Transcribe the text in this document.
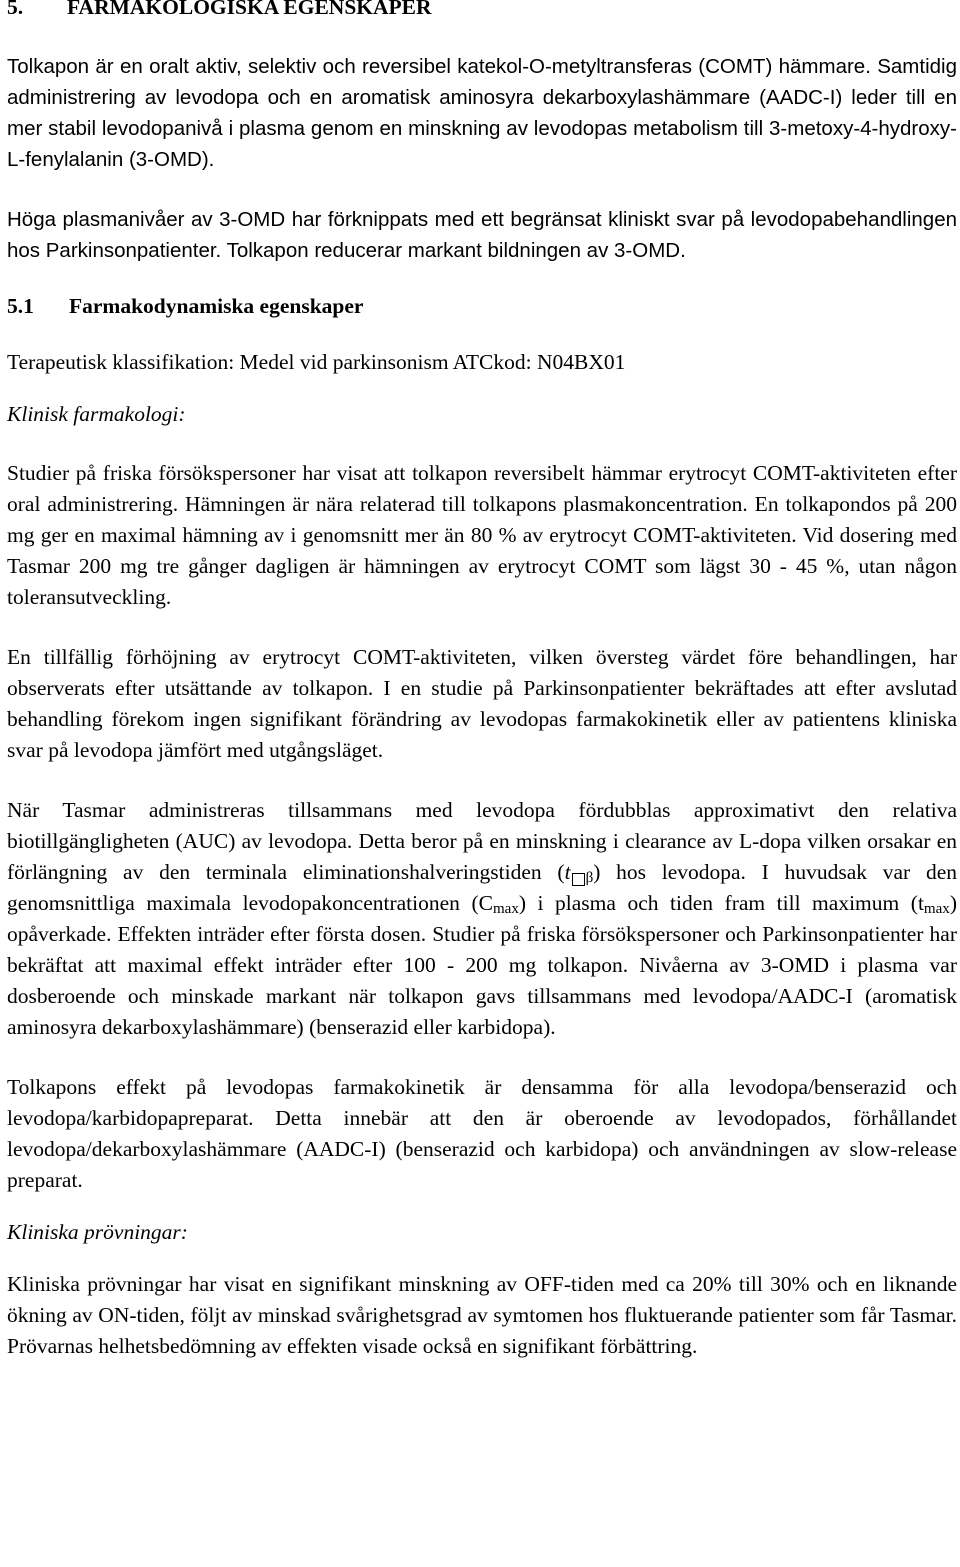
5. FARMAKOLOGISKA EGENSKAPER

Tolkapon är en oralt aktiv, selektiv och reversibel katekol-O-metyltransferas (COMT) hämmare. Samtidig administrering av levodopa och en aromatisk aminosyra dekarboxylashämmare (AADC-I) leder till en mer stabil levodopanivå i plasma genom en minskning av levodopas metabolism till 3-metoxy-4-hydroxy-L-fenylalanin (3-OMD).

Höga plasmanivåer av 3-OMD har förknippats med ett begränsat kliniskt svar på levodopabehandlingen hos Parkinsonpatienter. Tolkapon reducerar markant bildningen av 3-OMD.

5.1 Farmakodynamiska egenskaper

Terapeutisk klassifikation: Medel vid parkinsonism ATCkod: N04BX01

Klinisk farmakologi:

Studier på friska försökspersoner har visat att tolkapon reversibelt hämmar erytrocyt COMT-aktiviteten efter oral administrering. Hämningen är nära relaterad till tolkapons plasmakoncentration. En tolkapondos på 200 mg ger en maximal hämning av i genomsnitt mer än 80 % av erytrocyt COMT-aktiviteten. Vid dosering med Tasmar 200 mg tre gånger dagligen är hämningen av erytrocyt COMT som lägst 30 - 45 %, utan någon toleransutveckling.

En tillfällig förhöjning av erytrocyt COMT-aktiviteten, vilken översteg värdet före behandlingen, har observerats efter utsättande av tolkapon. I en studie på Parkinsonpatienter bekräftades att efter avslutad behandling förekom ingen signifikant förändring av levodopas farmakokinetik eller av patientens kliniska svar på levodopa jämfört med utgångsläget.

När Tasmar administreras tillsammans med levodopa fördubblas approximativt den relativa biotillgängligheten (AUC) av levodopa. Detta beror på en minskning i clearance av L-dopa vilken orsakar en förlängning av den terminala eliminationshalveringstiden (t $_\beta$) hos levodopa. I huvudsak var den genomsnittliga maximala levodopakoncentrationen $(C_{max})$ i plasma och tiden fram till maximum $(t_{max})$ opåverkade. Effekten inträder efter första dosen. Studier på friska försökspersoner och Parkinsonpatienter har bekräftat att maximal effekt inträder efter 100 - 200 mg tolkapon. Nivåerna av 3-OMD i plasma var dosberoende och minskade markant när tolkapon gavs tillsammans med levodopa/AADC-I (aromatisk aminosyra dekarboxylashämmare) (benserazid eller karbidopa).

Tolkapons effekt på levodopas farmakokinetik är densamma för alla levodopa/benserazid och levodopa/karbidopapreparat. Detta innebär att den är oberoende av levodopados, förhållandet levodopa/dekarboxylashämmare (AADC-I) (benserazid och karbidopa) och användningen av slow-release preparat.

Kliniska prövningar:

Kliniska prövningar har visat en signifikant minskning av OFF-tiden med ca 20% till 30% och en liknande ökning av ON-tiden, följt av minskad svårighetsgrad av symtomen hos fluktuerande patienter som får Tasmar. Prövarnas helhetsbedömning av effekten visade också en signifikant förbättring.
